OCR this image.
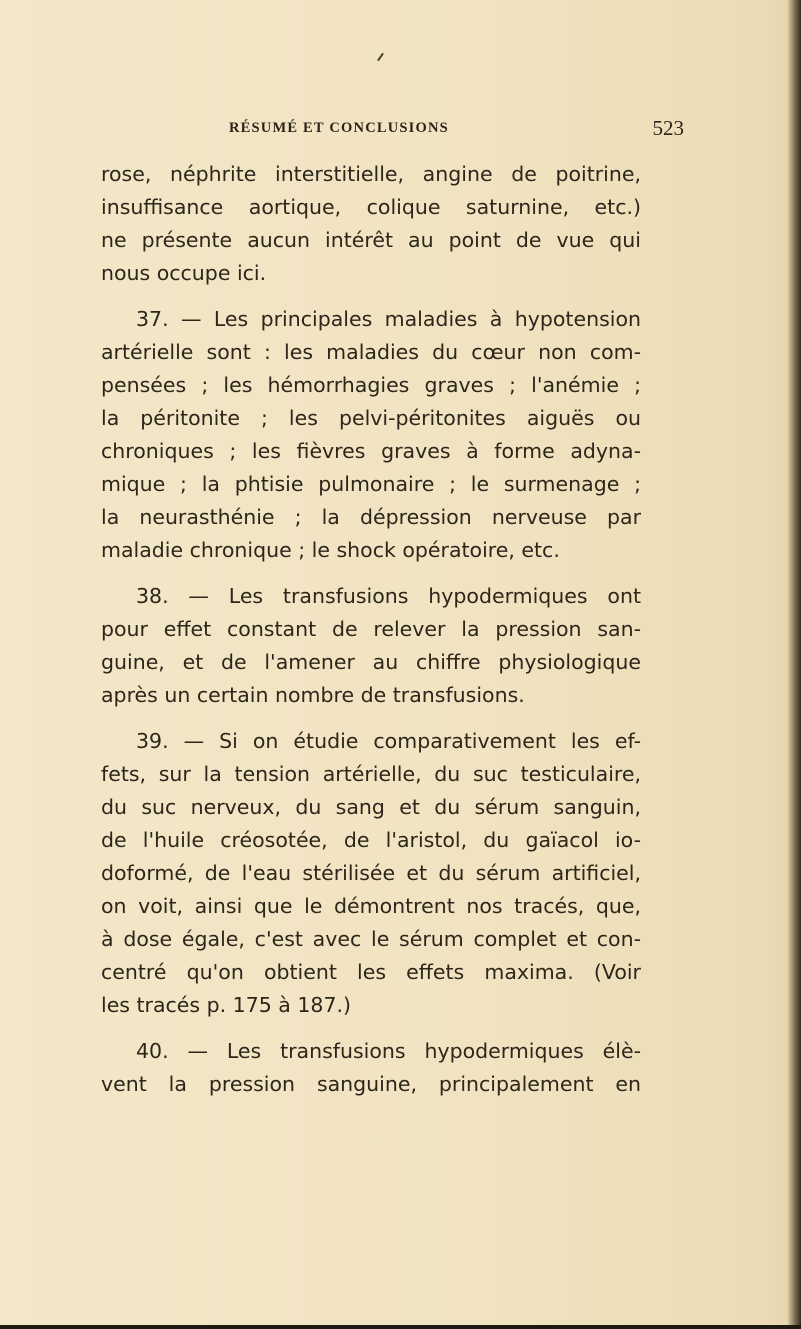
RÉSUMÉ ET CONCLUSIONS	523
rose, néphrite interstitielle, angine de poitrine,
insuffisance aortique, colique saturnine, etc.)
ne présente aucun intérêt au point de vue qui
nous occupe ici.
37. — Les principales maladies à hypotension
artérielle sont : les maladies du cœur non com-
pensées ; les hémorrhagies graves ; l'anémie ;
la péritonite ; les pelvi-péritonites aiguës ou
chroniques ; les fièvres graves à forme adyna-
mique ; la phtisie pulmonaire ; le surmenage ;
la neurasthénie ; la dépression nerveuse par
maladie chronique ; le shock opératoire, etc.
38. — Les transfusions hypodermiques ont
pour effet constant de relever la pression san-
guine, et de l'amener au chiffre physiologique
après un certain nombre de transfusions.
39. — Si on étudie comparativement les ef-
fets, sur la tension artérielle, du suc testiculaire,
du suc nerveux, du sang et du sérum sanguin,
de l'huile créosotée, de l'aristol, du gaïacol io-
doformé, de l'eau stérilisée et du sérum artificiel,
on voit, ainsi que le démontrent nos tracés, que,
à dose égale, c'est avec le sérum complet et con-
centré qu'on obtient les effets maxima. (Voir
les tracés p. 175 à 187.)
40. — Les transfusions hypodermiques élè-
vent la pression sanguine, principalement en
